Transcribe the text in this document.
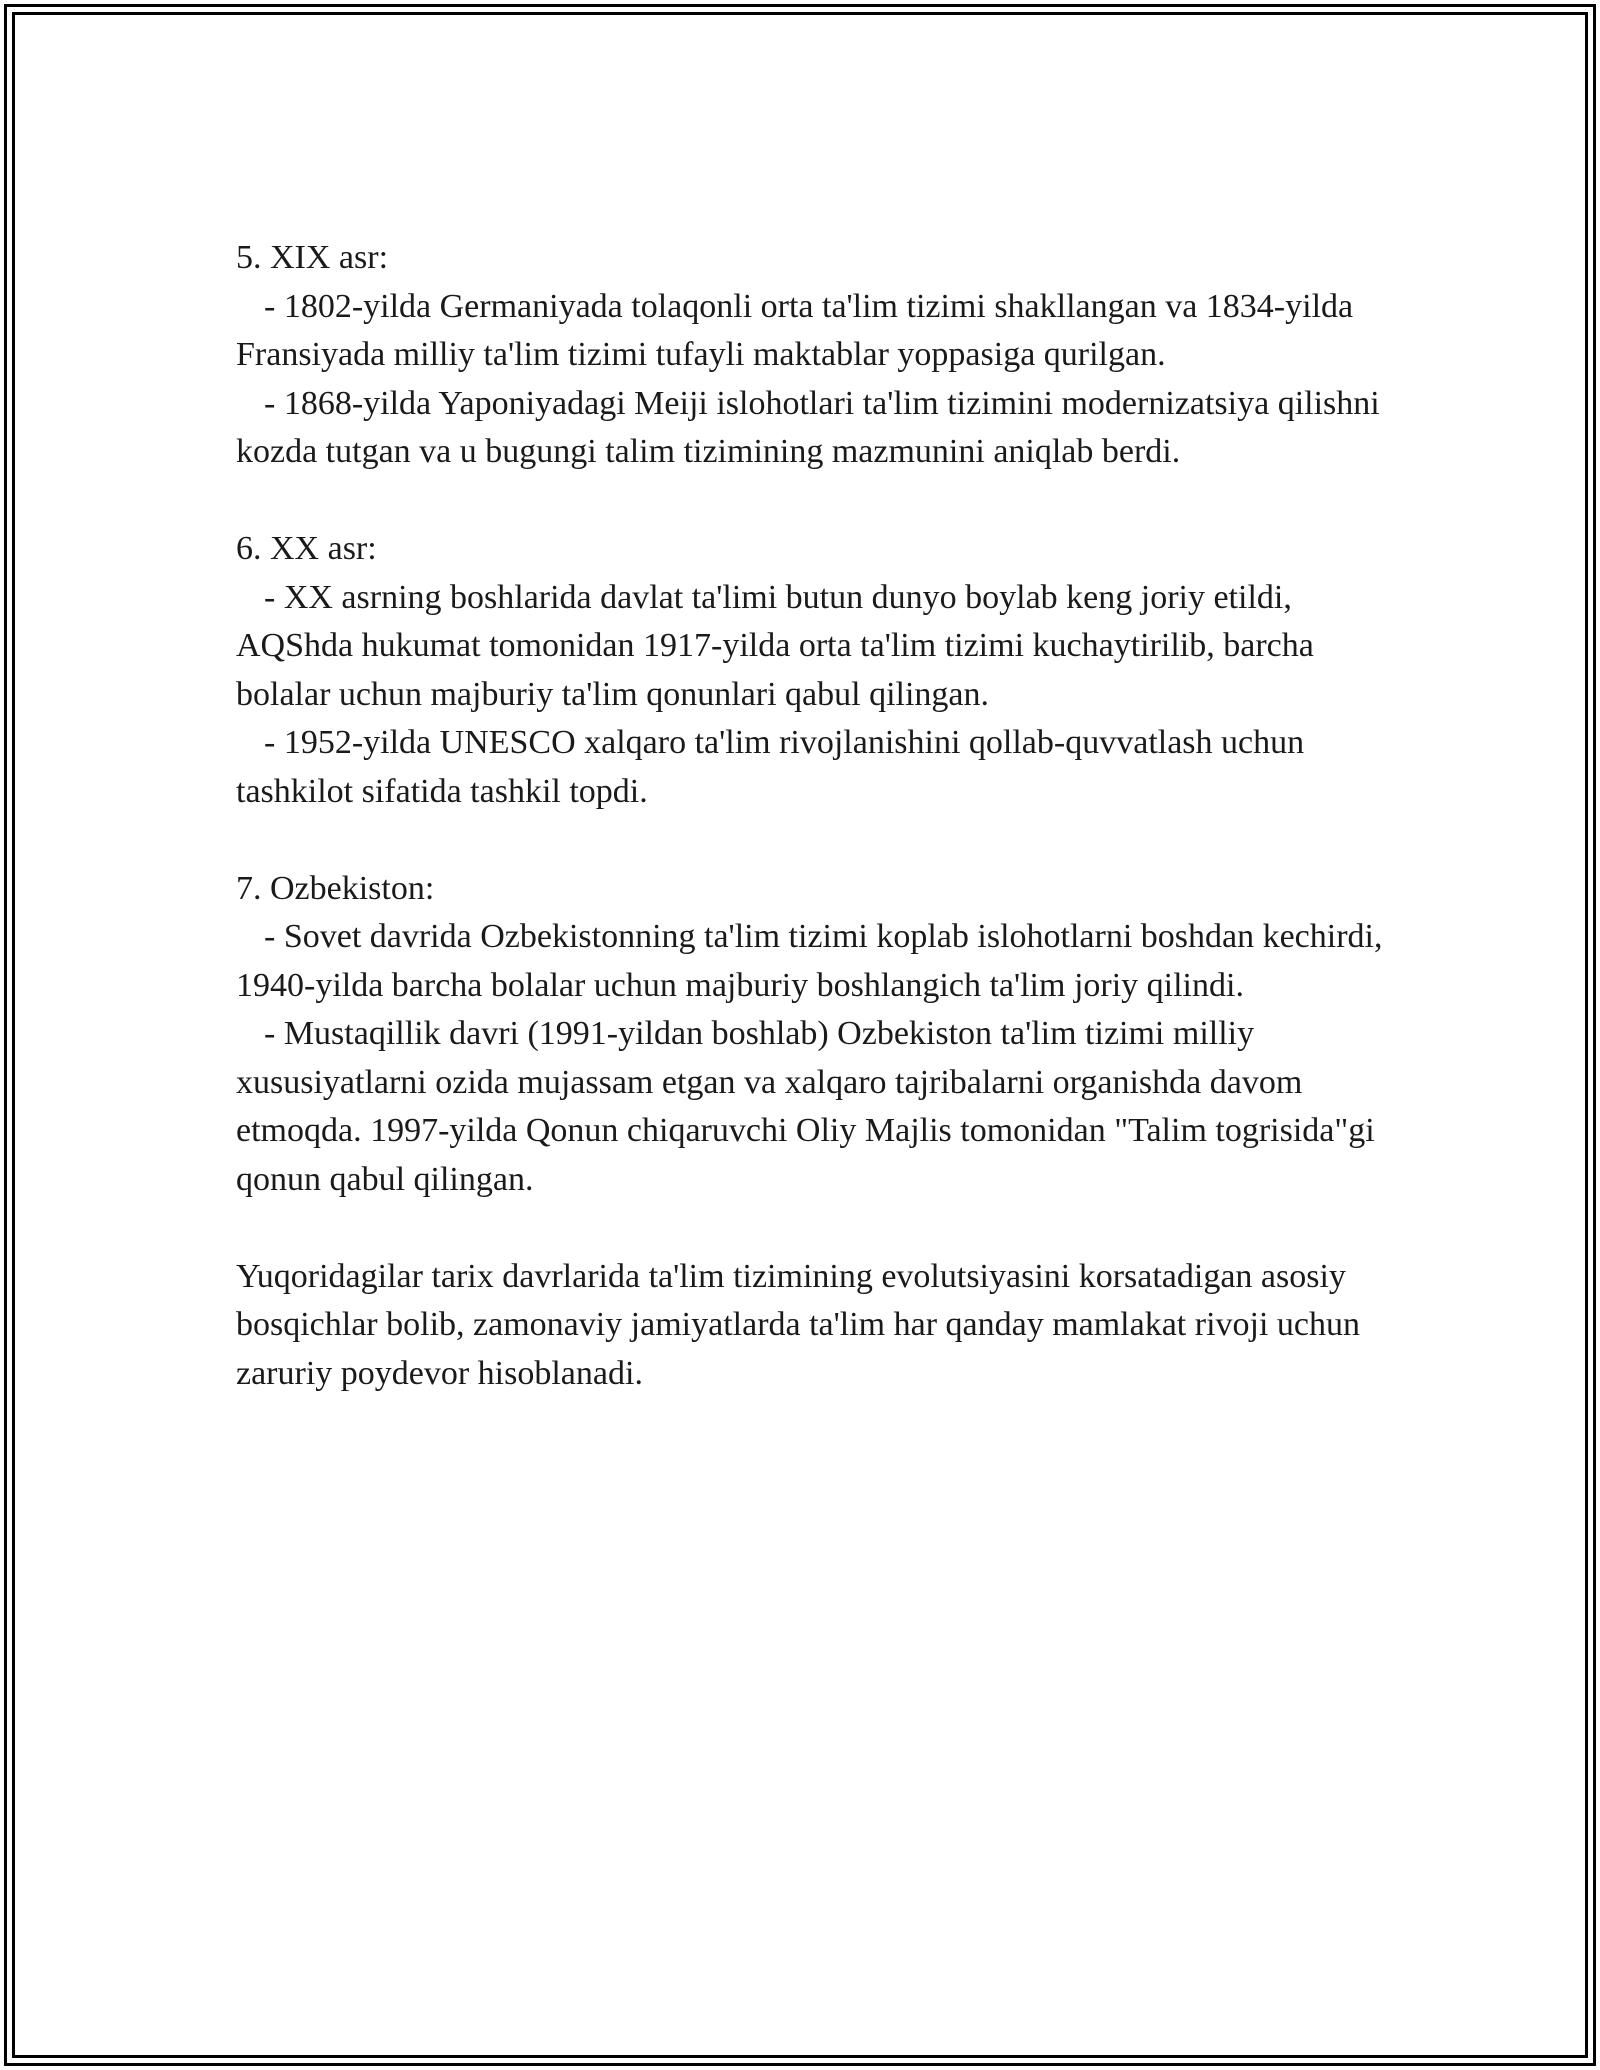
5. XIX asr:

- 1802-yilda Germaniyada tolaqonli orta ta'lim tizimi shakllangan va 1834-yilda Fransiyada milliy ta'lim tizimi tufayli maktablar yoppasiga qurilgan.

- 1868-yilda Yaponiyadagi Meiji islohotlari ta'lim tizimini modernizatsiya qilishni kozda tutgan va u bugungi talim tizimining mazmunini aniqlab berdi.

6. XX asr:

- XX asrning boshlarida davlat ta'limi butun dunyo boylab keng joriy etildi, AQShda hukumat tomonidan 1917-yilda orta ta'lim tizimi kuchaytirilib, barcha bolalar uchun majburiy ta'lim qonunlari qabul qilingan.

- 1952-yilda UNESCO xalqaro ta'lim rivojlanishini qollab-quvvatlash uchun tashkilot sifatida tashkil topdi.

7. Ozbekiston:

- Sovet davrida Ozbekistonning ta'lim tizimi koplab islohotlarni boshdan kechirdi, 1940-yilda barcha bolalar uchun majburiy boshlangich ta'lim joriy qilindi.

- Mustaqillik davri (1991-yildan boshlab) Ozbekiston ta'lim tizimi milliy xususiyatlarni ozida mujassam etgan va xalqaro tajribalarni organishda davom etmoqda. 1997-yilda Qonun chiqaruvchi Oliy Majlis tomonidan "Talim togrisida"gi qonun qabul qilingan.

Yuqoridagilar tarix davrlarida ta'lim tizimining evolutsiyasini korsatadigan asosiy bosqichlar bolib, zamonaviy jamiyatlarda ta'lim har qanday mamlakat rivoji uchun zaruriy poydevor hisoblanadi.
